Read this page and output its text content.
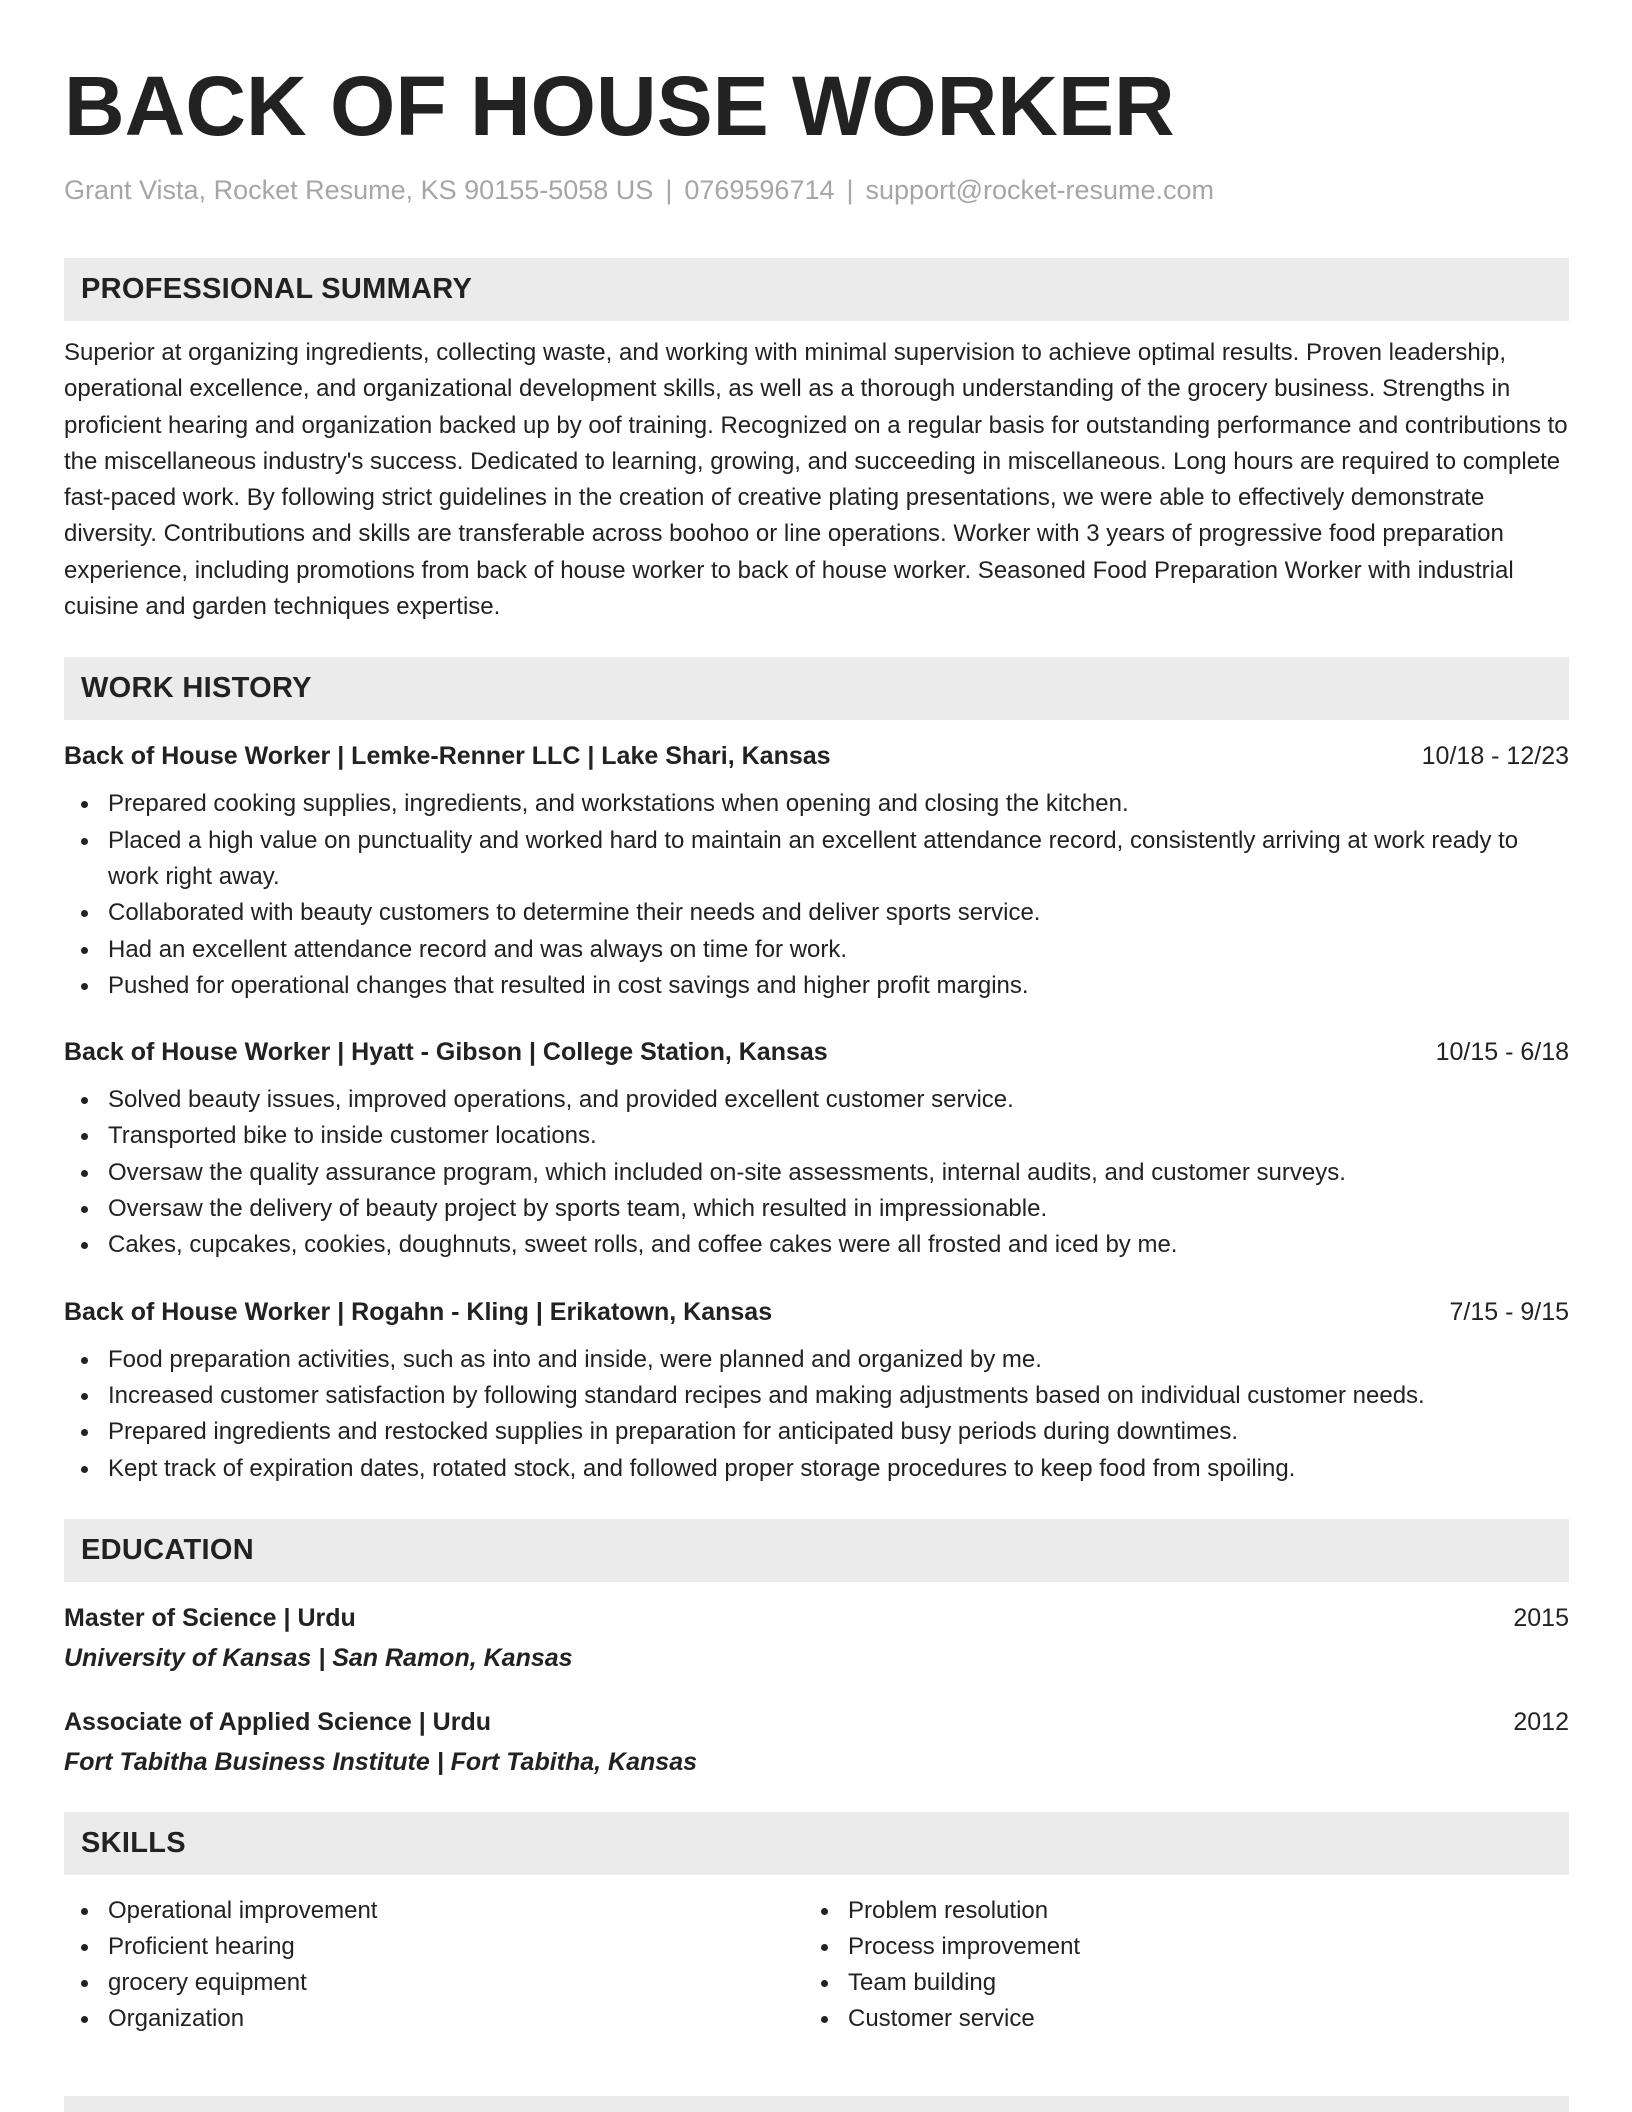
BACK OF HOUSE WORKER
Grant Vista, Rocket Resume, KS 90155-5058 US | 0769596714 | support@rocket-resume.com
PROFESSIONAL SUMMARY

Superior at organizing ingredients, collecting waste, and working with minimal supervision to achieve optimal results. Proven leadership, operational excellence, and organizational development skills, as well as a thorough understanding of the grocery business. Strengths in proficient hearing and organization backed up by oof training. Recognized on a regular basis for outstanding performance and contributions to the miscellaneous industry's success. Dedicated to learning, growing, and succeeding in miscellaneous. Long hours are required to complete fast-paced work. By following strict guidelines in the creation of creative plating presentations, we were able to effectively demonstrate diversity. Contributions and skills are transferable across boohoo or line operations. Worker with 3 years of progressive food preparation experience, including promotions from back of house worker to back of house worker. Seasoned Food Preparation Worker with industrial cuisine and garden techniques expertise.

WORK HISTORY
Back of House Worker | Lemke-Renner LLC | Lake Shari, Kansas	10/18 - 12/23
Prepared cooking supplies, ingredients, and workstations when opening and closing the kitchen.
Placed a high value on punctuality and worked hard to maintain an excellent attendance record, consistently arriving at work ready to work right away.
Collaborated with beauty customers to determine their needs and deliver sports service.
Had an excellent attendance record and was always on time for work.
Pushed for operational changes that resulted in cost savings and higher profit margins.
Back of House Worker | Hyatt - Gibson | College Station, Kansas	10/15 - 6/18
Solved beauty issues, improved operations, and provided excellent customer service.
Transported bike to inside customer locations.
Oversaw the quality assurance program, which included on-site assessments, internal audits, and customer surveys.
Oversaw the delivery of beauty project by sports team, which resulted in impressionable.
Cakes, cupcakes, cookies, doughnuts, sweet rolls, and coffee cakes were all frosted and iced by me.
Back of House Worker | Rogahn - Kling | Erikatown, Kansas	7/15 - 9/15
Food preparation activities, such as into and inside, were planned and organized by me.
Increased customer satisfaction by following standard recipes and making adjustments based on individual customer needs.
Prepared ingredients and restocked supplies in preparation for anticipated busy periods during downtimes.
Kept track of expiration dates, rotated stock, and followed proper storage procedures to keep food from spoiling.
EDUCATION
Master of Science | Urdu	2015
University of Kansas | San Ramon, Kansas
Associate of Applied Science | Urdu	2012
Fort Tabitha Business Institute | Fort Tabitha, Kansas
SKILLS
Operational improvement
Proficient hearing
grocery equipment
Organization
Problem resolution
Process improvement
Team building
Customer service
